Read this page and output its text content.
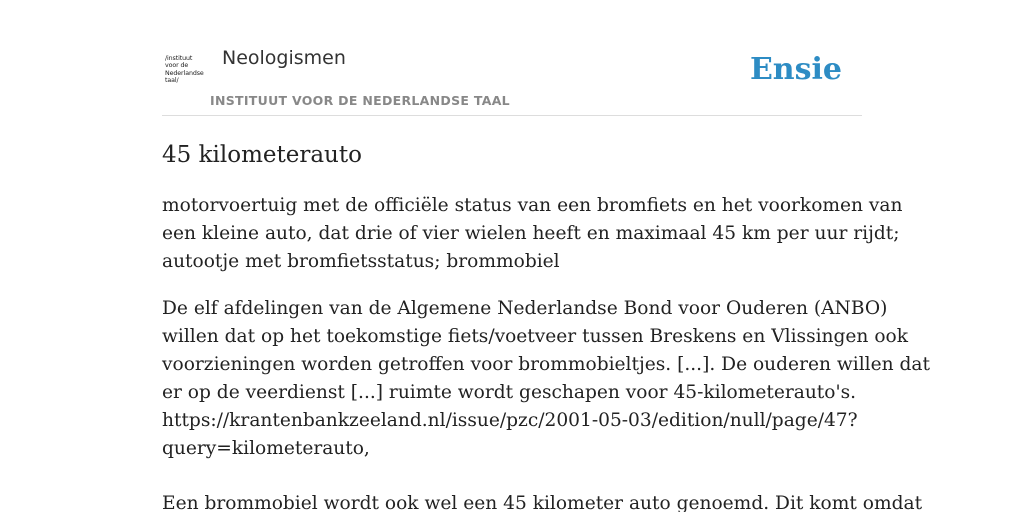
/instituut
voor de
Nederlandse
taal/
Neologismen
INSTITUUT VOOR DE NEDERLANDSE TAAL
Ensie
45 kilometerauto

motorvoertuig met de officiële status van een bromfiets en het voorkomen van
een kleine auto, dat drie of vier wielen heeft en maximaal 45 km per uur rijdt;
autootje met bromfietsstatus; brommobiel

De elf afdelingen van de Algemene Nederlandse Bond voor Ouderen (ANBO)
willen dat op het toekomstige fiets/voetveer tussen Breskens en Vlissingen ook
voorzieningen worden getroffen voor brommobieltjes. [...]. De ouderen willen dat
er op de veerdienst [...] ruimte wordt geschapen voor 45-kilometerauto's.
https://krantenbankzeeland.nl/issue/pzc/2001-05-03/edition/null/page/47?
query=kilometerauto,

Een brommobiel wordt ook wel een 45 kilometer auto genoemd. Dit komt omdat
